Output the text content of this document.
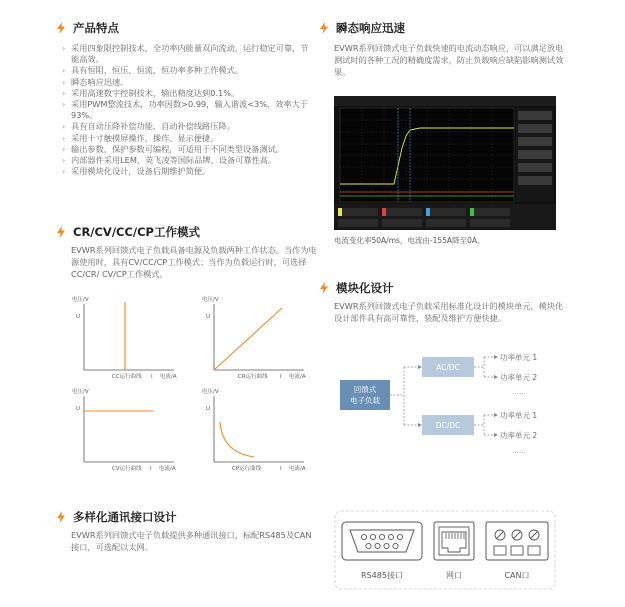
产品特点
› 采用四象限控制技术，全功率内能量双向流动，运行稳定可靠，节能高效。
› 具有恒阻、恒压、恒流、恒功率多种工作模式。
› 瞬态响应迅速。
› 采用高速数字控制技术，输出精度达到0.1%。
› 采用PWM整流技术，功率因数>0.99，输入谐波<3%，效率大于93%。
› 具有自动压降补偿功能，自动补偿线路压降。
› 采用十寸触摸屏操作，操作、显示便捷。
› 输出参数、保护参数可编程，可适用于不同类型设备测试。
› 内部器件采用LEM、英飞凌等国际品牌，设备可靠性高。
› 采用模块化设计，设备后期维护简便。
CR/CV/CC/CP工作模式

EVWR系列回馈式电子负载具备电源及负载两种工作状态。当作为电源使用时，具有CV/CC/CP工作模式；当作为负载运行时，可选择CC/CR/ CV/CP工作模式。

电压/V
U
CC运行曲线 I 电流/A
电压/V
U
CR运行曲线 I 电流/A
电压/V
U
CV运行曲线 I 电流/A
电压/V
U
CP运行曲线	I 电流/A
瞬态响应迅速

EVWR系列回馈式电子负载快速的电流动态响应，可以满足放电测试时的各种工况的精确度需求，防止负载响应缺陷影响测试效果。

电流变化率50A/ms，电流由-155A降至0A。
模块化设计

EVWR系列回馈式电子负载采用标准化设计的模块单元，模块化设计部件具有高可靠性，装配及维护方便快捷。

回馈式
电子负载
AC/DC
DC/DC
功率单元 1
功率单元 2
……
功率单元 1
功率单元 2
……
多样化通讯接口设计

EVWR系列回馈式电子负载提供多种通讯接口，标配RS485及CAN接口，可选配以太网。

RS485接口	网口	CAN口
